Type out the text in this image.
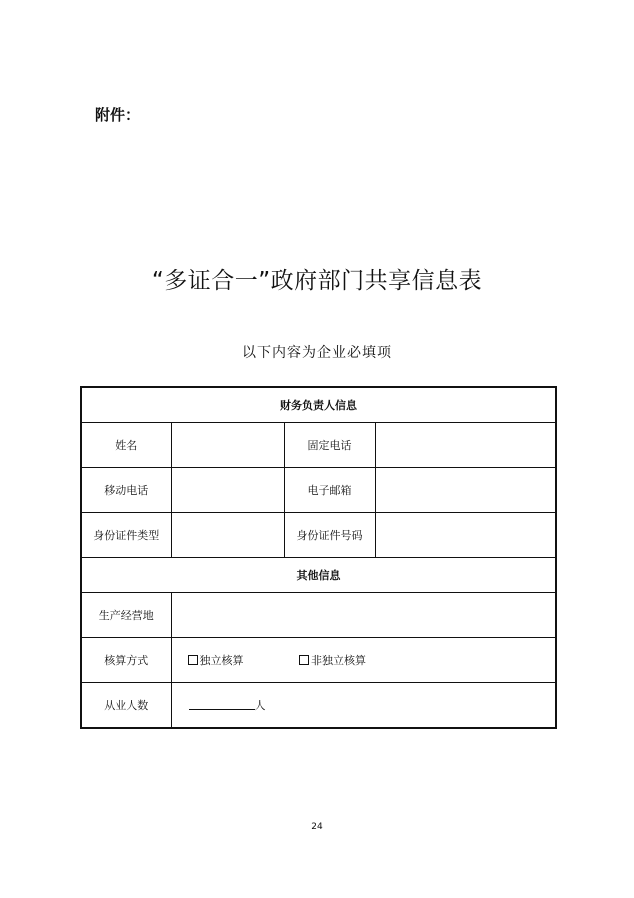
附件：
“多证合一”政府部门共享信息表
以下内容为企业必填项
财务负责人信息			
姓名		固定电话	
移动电话		电子邮箱	
身份证件类型		身份证件号码	
其他信息			
生产经营地			
核算方式	独立核算 非独立核算		
从业人数	人		
24
